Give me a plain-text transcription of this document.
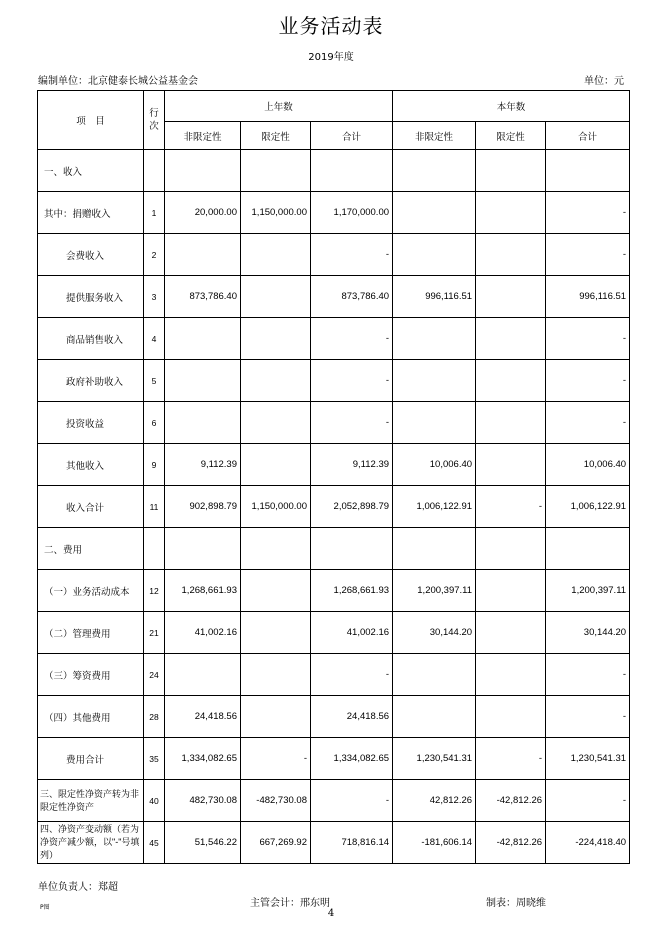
业务活动表
2019年度
编制单位：北京健泰长城公益基金会	单位：元
项　目	行次	上年数			本年数		
		非限定性	限定性	合计	非限定性	限定性	合计
一、收入							
其中：捐赠收入	1	20,000.00	1,150,000.00	1,170,000.00			-
会费收入	2			-			-
提供服务收入	3	873,786.40		873,786.40	996,116.51		996,116.51
商品销售收入	4			-			-
政府补助收入	5			-			-
投资收益	6			-			-
其他收入	9	9,112.39		9,112.39	10,006.40		10,006.40
收入合计	11	902,898.79	1,150,000.00	2,052,898.79	1,006,122.91	-	1,006,122.91
二、费用							
（一）业务活动成本	12	1,268,661.93		1,268,661.93	1,200,397.11		1,200,397.11
（二）管理费用	21	41,002.16		41,002.16	30,144.20		30,144.20
（三）筹资费用	24			-			-
（四）其他费用	28	24,418.56		24,418.56			-
费用合计	35	1,334,082.65	-	1,334,082.65	1,230,541.31	-	1,230,541.31
三、限定性净资产转为非限定性净资产	40	482,730.08	-482,730.08	-	42,812.26	-42,812.26	-
四、净资产变动额（若为净资产减少额，以"-"号填列）	45	51,546.22	667,269.92	718,816.14	-181,606.14	-42,812.26	-224,418.40
单位负责人：郑超
P图	主管会计：邢东明	制表：周晓维
4
